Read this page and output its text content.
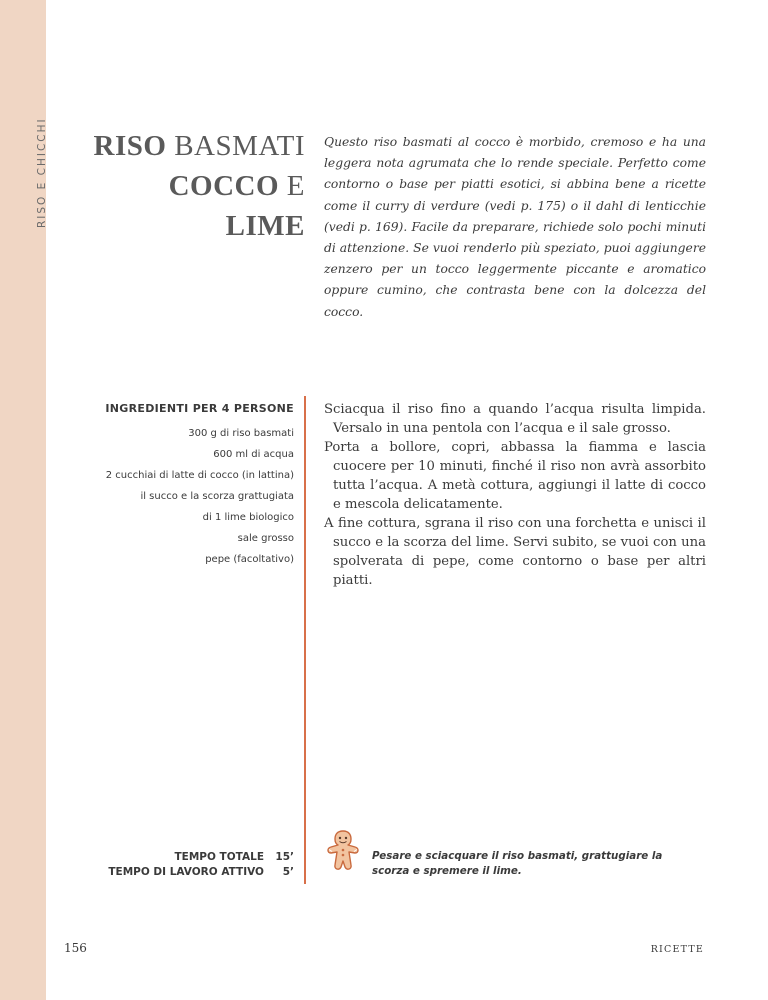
RISO E CHICCHI	RISO BASMATI
COCCO E
LIME

Questo riso basmati al cocco è morbido, cremoso e ha una leggera nota agrumata che lo rende speciale. Perfetto come contorno o base per piatti esotici, si abbina bene a ricette come il curry di verdure (vedi p. 175) o il dahl di lenticchie (vedi p. 169). Facile da preparare, richiede solo pochi minuti di attenzione. Se vuoi renderlo più speziato, puoi aggiungere zenzero per un tocco leggermente piccante e aromatico oppure cumino, che contrasta bene con la dolcezza del cocco.

INGREDIENTI PER 4 PERSONE
300 g di riso basmati
600 ml di acqua
2 cucchiai di latte di cocco (in lattina)
il succo e la scorza grattugiata
di 1 lime biologico
sale grosso
pepe (facoltativo)

Sciacqua il riso fino a quando l’acqua risulta limpida. Versalo in una pentola con l’acqua e il sale grosso.

Porta a bollore, copri, abbassa la fiamma e lascia cuocere per 10 minuti, finché il riso non avrà assorbito tutta l’acqua. A metà cottura, aggiungi il latte di cocco e mescola delicatamente.

A fine cottura, sgrana il riso con una forchetta e unisci il succo e la scorza del lime. Servi subito, se vuoi con una spolverata di pepe, come contorno o base per altri piatti.

TEMPO TOTALE	15’
TEMPO DI LAVORO ATTIVO	5’
Pesare e sciacquare il riso basmati, grattugiare la scorza e spremere il lime.
156	RICETTE
